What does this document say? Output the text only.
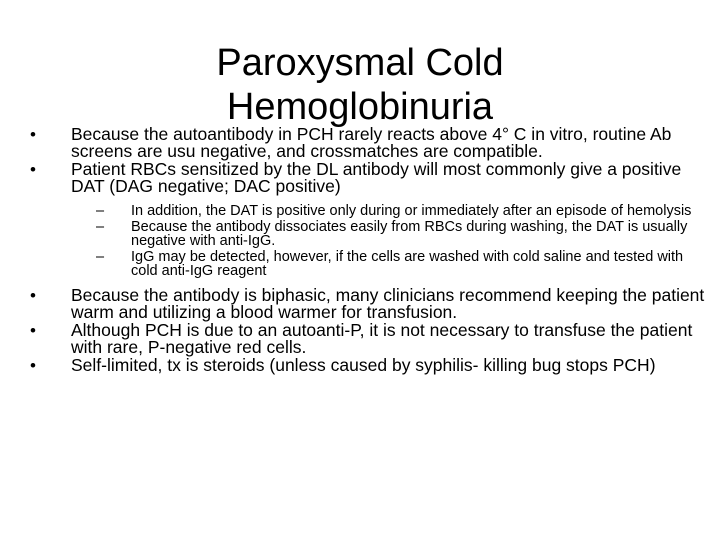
Paroxysmal Cold
Hemoglobinuria
•	Because the autoantibody in PCH rarely reacts above 4° C in vitro, routine Ab screens are usu negative, and crossmatches are compatible.
•	Patient RBCs sensitized by the DL antibody will most commonly give a positive DAT (DAG negative; DAC positive)
–	In addition, the DAT is positive only during or immediately after an episode of hemolysis
–	Because the antibody dissociates easily from RBCs during washing, the DAT is usually negative with anti-IgG.
–	IgG may be detected, however, if the cells are washed with cold saline and tested with cold anti-IgG reagent
•	Because the antibody is biphasic, many clinicians recommend keeping the patient warm and utilizing a blood warmer for transfusion.
•	Although PCH is due to an autoanti-P, it is not necessary to transfuse the patient with rare, P-negative red cells.
•	Self-limited, tx is steroids (unless caused by syphilis- killing bug stops PCH)
